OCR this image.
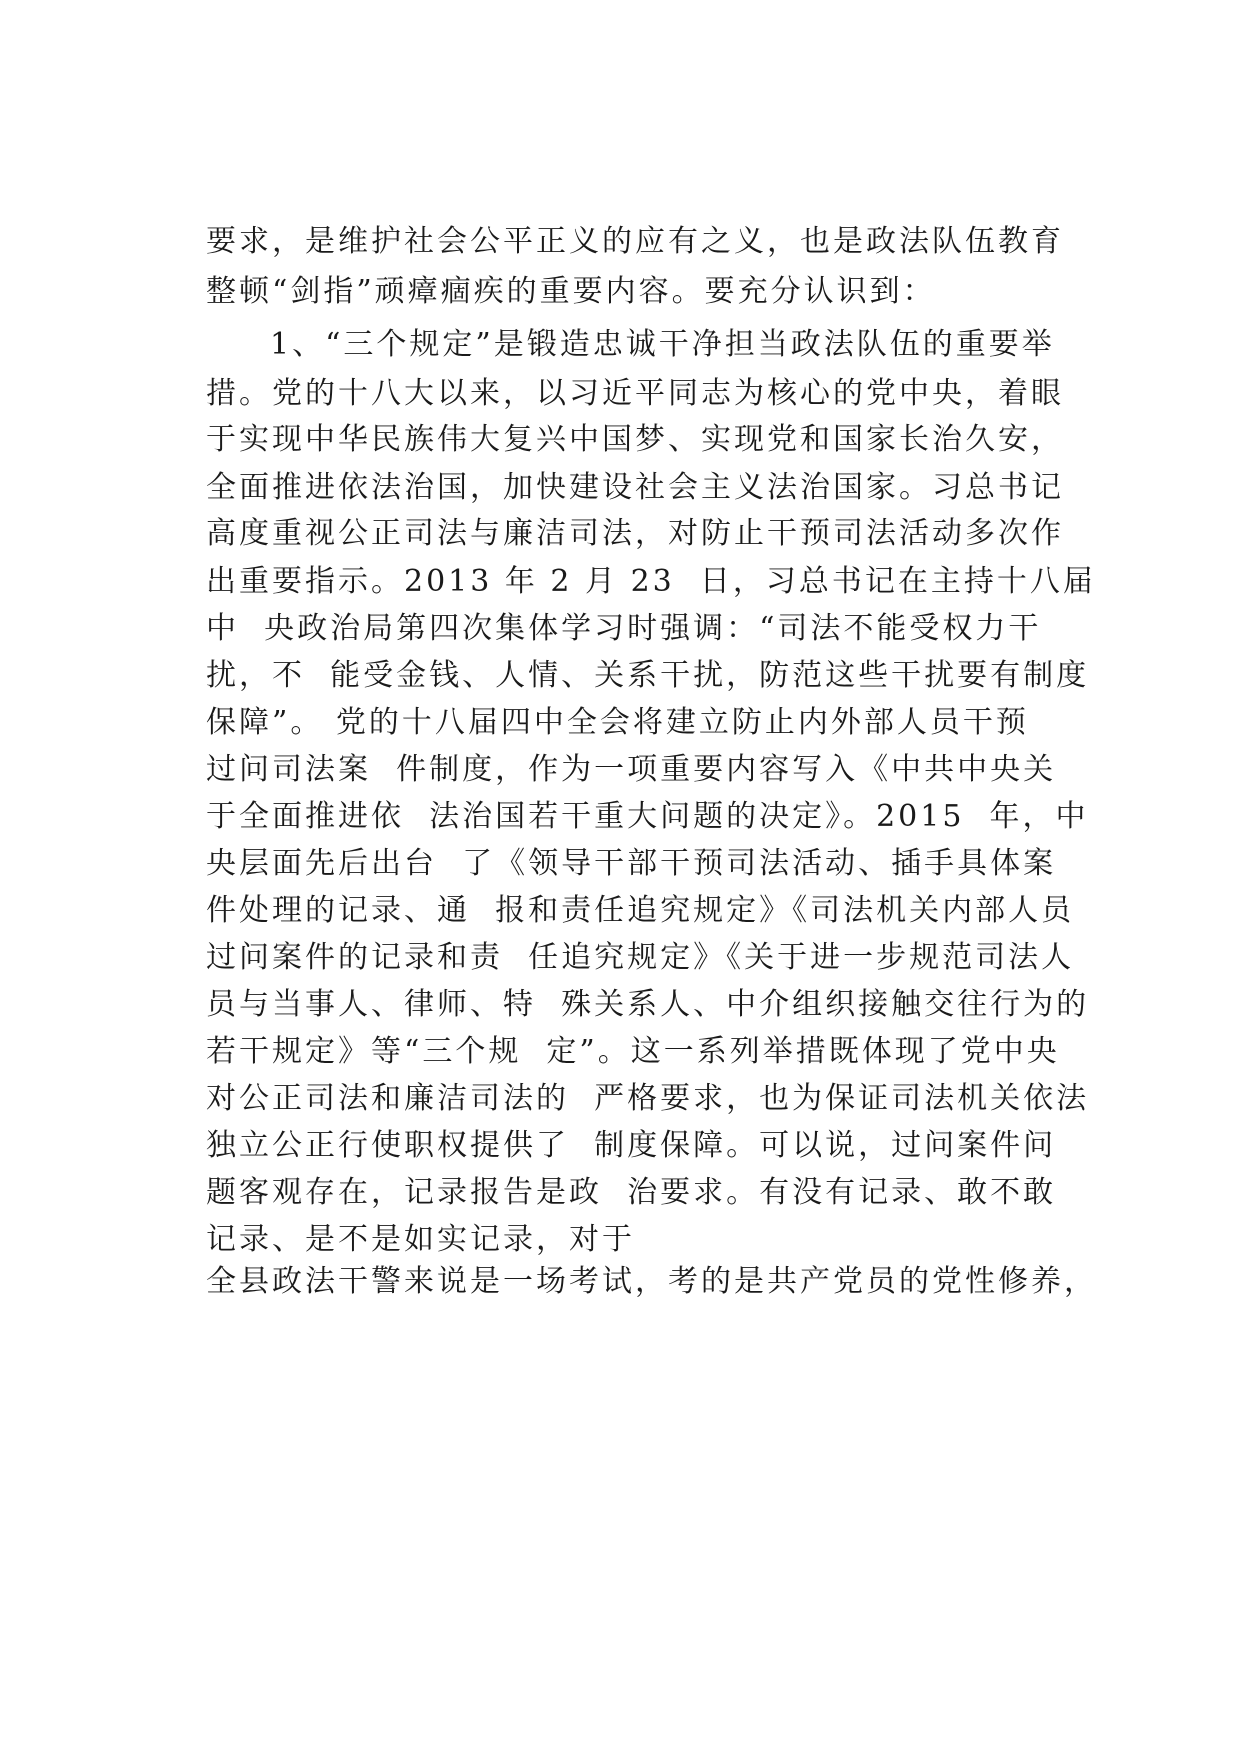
要求，是维护社会公平正义的应有之义，也是政法队伍教育
整顿“剑指”顽瘴痼疾的重要内容。要充分认识到：
1、“三个规定”是锻造忠诚干净担当政法队伍的重要举
措。党的十八大以来，以习近平同志为核心的党中央，着眼
于实现中华民族伟大复兴中国梦、实现党和国家长治久安，
全面推进依法治国，加快建设社会主义法治国家。习总书记
高度重视公正司法与廉洁司法，对防止干预司法活动多次作
出重要指示。2013 年 2 月 23  日，习总书记在主持十八届
中  央政治局第四次集体学习时强调：“司法不能受权力干
扰，不  能受金钱、人情、关系干扰，防范这些干扰要有制度
保障”。 党的十八届四中全会将建立防止内外部人员干预
过问司法案  件制度，作为一项重要内容写入《中共中央关
于全面推进依  法治国若干重大问题的决定》。2015  年，中
央层面先后出台  了《领导干部干预司法活动、插手具体案
件处理的记录、通  报和责任追究规定》《司法机关内部人员
过问案件的记录和责  任追究规定》《关于进一步规范司法人
员与当事人、律师、特  殊关系人、中介组织接触交往行为的
若干规定》等“三个规  定”。这一系列举措既体现了党中央
对公正司法和廉洁司法的  严格要求，也为保证司法机关依法
独立公正行使职权提供了  制度保障。可以说，过问案件问
题客观存在，记录报告是政  治要求。有没有记录、敢不敢
记录、是不是如实记录，对于
全县政法干警来说是一场考试，考的是共产党员的党性修养，
